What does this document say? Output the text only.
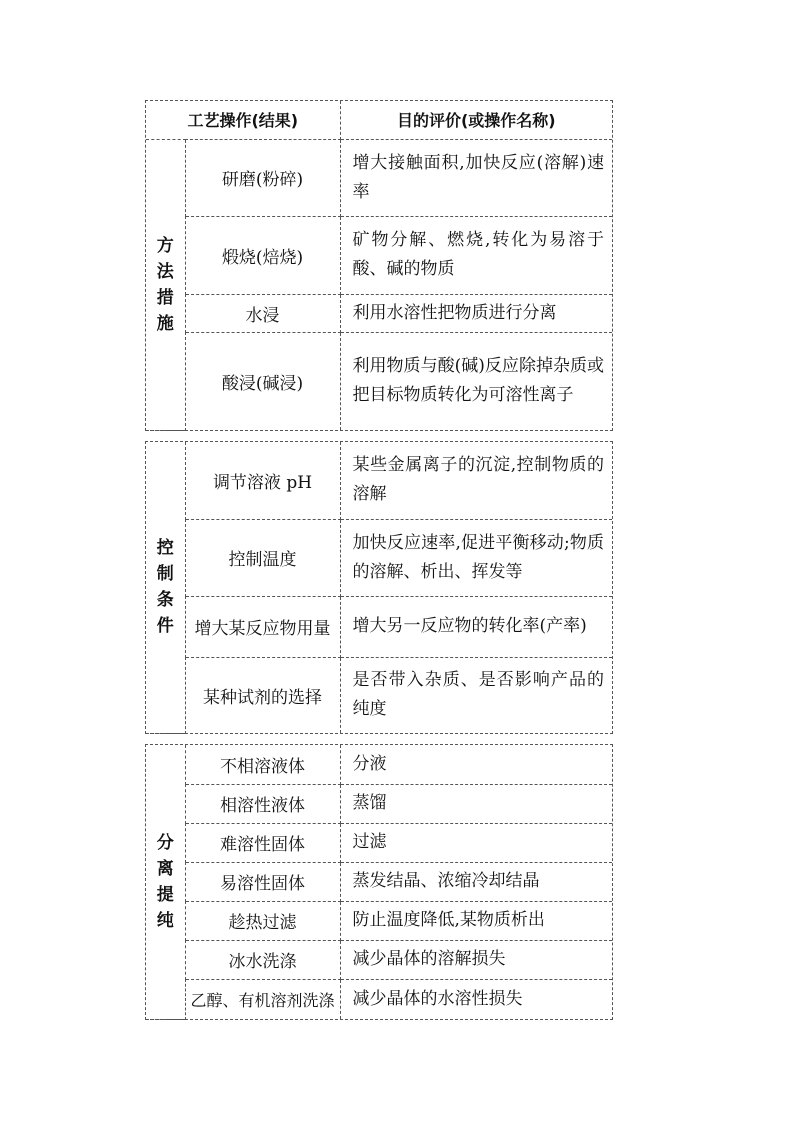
工艺操作(结果)		目的评价(或操作名称)
方法措施	研磨(粉碎)	增大接触面积,加快反应(溶解)速率
	煅烧(焙烧)	矿物分解、燃烧,转化为易溶于酸、碱的物质
	水浸	利用水溶性把物质进行分离
	酸浸(碱浸)	利用物质与酸(碱)反应除掉杂质或把目标物质转化为可溶性离子
控制条件	调节溶液 pH	某些金属离子的沉淀,控制物质的溶解
	控制温度	加快反应速率,促进平衡移动;物质的溶解、析出、挥发等
	增大某反应物用量	增大另一反应物的转化率(产率)
	某种试剂的选择	是否带入杂质、是否影响产品的纯度
分离提纯	不相溶液体	分液
	相溶性液体	蒸馏
	难溶性固体	过滤
	易溶性固体	蒸发结晶、浓缩冷却结晶
	趁热过滤	防止温度降低,某物质析出
	冰水洗涤	减少晶体的溶解损失
	乙醇、有机溶剂洗涤	减少晶体的水溶性损失
